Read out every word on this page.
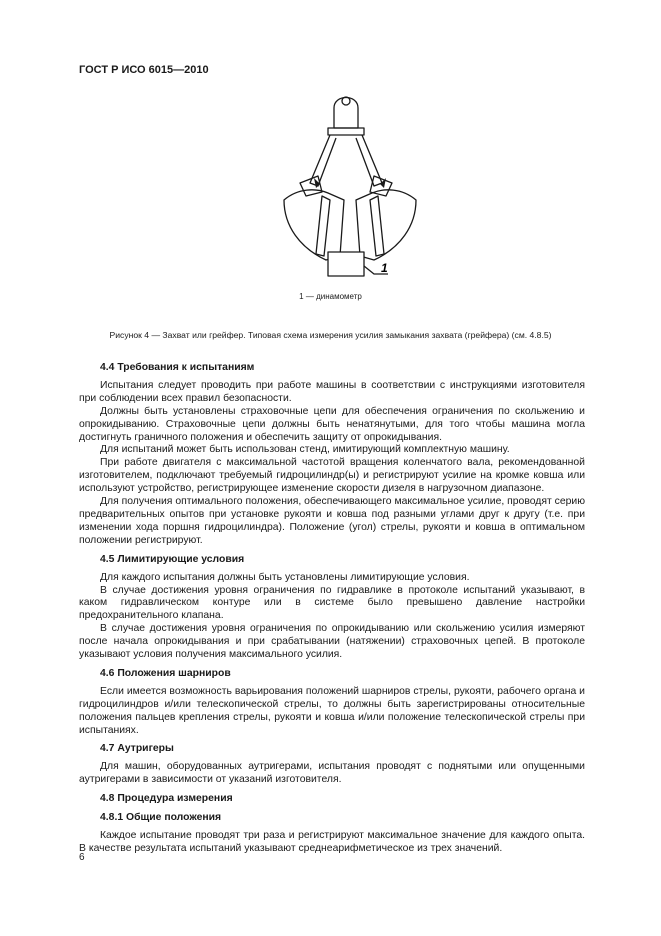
ГОСТ Р ИСО 6015—2010
1
1 — динамометр
Рисунок 4 — Захват или грейфер. Типовая схема измерения усилия замыкания захвата (грейфера) (см. 4.8.5)
4.4 Требования к испытаниям

Испытания следует проводить при работе машины в соответствии с инструкциями изготовителя при соблюдении всех правил безопасности.

Должны быть установлены страховочные цепи для обеспечения ограничения по скольжению и опрокидыванию. Страховочные цепи должны быть ненатянутыми, для того чтобы машина могла достигнуть граничного положения и обеспечить защиту от опрокидывания.

Для испытаний может быть использован стенд, имитирующий комплектную машину.

При работе двигателя с максимальной частотой вращения коленчатого вала, рекомендованной изготовителем, подключают требуемый гидроцилиндр(ы) и регистрируют усилие на кромке ковша или используют устройство, регистрирующее изменение скорости дизеля в нагрузочном диапазоне.

Для получения оптимального положения, обеспечивающего максимальное усилие, проводят серию предварительных опытов при установке рукояти и ковша под разными углами друг к другу (т.е. при изменении хода поршня гидроцилиндра). Положение (угол) стрелы, рукояти и ковша в оптимальном положении регистрируют.

4.5 Лимитирующие условия

Для каждого испытания должны быть установлены лимитирующие условия.

В случае достижения уровня ограничения по гидравлике в протоколе испытаний указывают, в каком гидравлическом контуре или в системе было превышено давление настройки предохранительного клапана.

В случае достижения уровня ограничения по опрокидыванию или скольжению усилия измеряют после начала опрокидывания и при срабатывании (натяжении) страховочных цепей. В протоколе указывают условия получения максимального усилия.

4.6 Положения шарниров

Если имеется возможность варьирования положений шарниров стрелы, рукояти, рабочего органа и гидроцилиндров и/или телескопической стрелы, то должны быть зарегистрированы относительные положения пальцев крепления стрелы, рукояти и ковша и/или положение телескопической стрелы при испытаниях.

4.7 Аутригеры

Для машин, оборудованных аутригерами, испытания проводят с поднятыми или опущенными аутригерами в зависимости от указаний изготовителя.

4.8 Процедура измерения
4.8.1 Общие положения

Каждое испытание проводят три раза и регистрируют максимальное значение для каждого опыта. В качестве результата испытаний указывают среднеарифметическое из трех значений.

6
